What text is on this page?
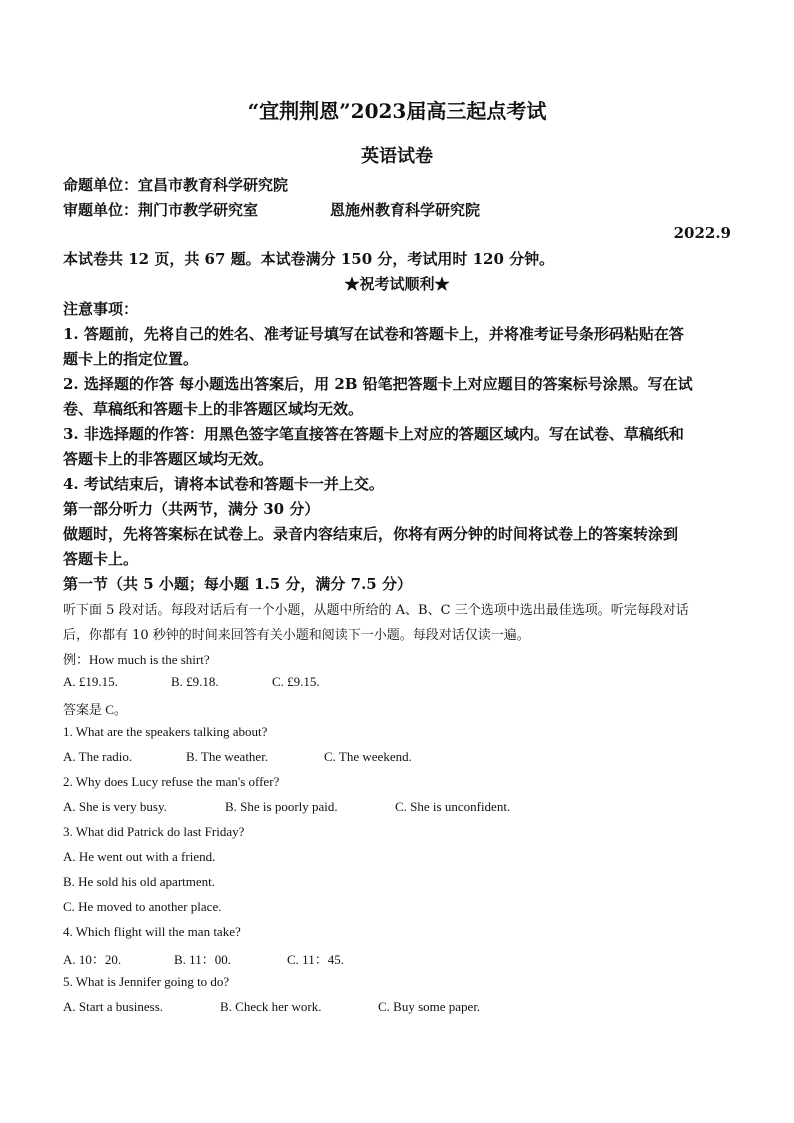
“宜荆荆恩”2023届高三起点考试
英语试卷
命题单位：宜昌市教育科学研究院
审题单位：荆门市教学研究室	恩施州教育科学研究院
2022.9
本试卷共 12 页，共 67 题。本试卷满分 150 分，考试用时 120 分钟。
★祝考试顺利★
注意事项：
1. 答题前，先将自己的姓名、准考证号填写在试卷和答题卡上，并将准考证号条形码粘贴在答
题卡上的指定位置。
2. 选择题的作答 每小题选出答案后，用 2B 铅笔把答题卡上对应题目的答案标号涂黑。写在试
卷、草稿纸和答题卡上的非答题区域均无效。
3. 非选择题的作答：用黑色签字笔直接答在答题卡上对应的答题区域内。写在试卷、草稿纸和
答题卡上的非答题区域均无效。
4. 考试结束后，请将本试卷和答题卡一并上交。
第一部分听力（共两节，满分 30 分）
做题时，先将答案标在试卷上。录音内容结束后，你将有两分钟的时间将试卷上的答案转涂到
答题卡上。
第一节（共 5 小题；每小题 1.5 分，满分 7.5 分）
听下面 5 段对话。每段对话后有一个小题，从题中所给的 A、B、C 三个选项中选出最佳选项。听完每段对话
后，你都有 10 秒钟的时间来回答有关小题和阅读下一小题。每段对话仅读一遍。
例：How much is the shirt?
A. £19.15.	B. £9.18.	C. £9.15.
答案是 C。
1. What are the speakers talking about?
A. The radio.	B. The weather.	C. The weekend.
2. Why does Lucy refuse the man's offer?
A. She is very busy.	B. She is poorly paid.	C. She is unconfident.
3. What did Patrick do last Friday?
A. He went out with a friend.
B. He sold his old apartment.
C. He moved to another place.
4. Which flight will the man take?
A. 10：20.	B. 11：00.	C. 11：45.
5. What is Jennifer going to do?
A. Start a business.	B. Check her work.	C. Buy some paper.
